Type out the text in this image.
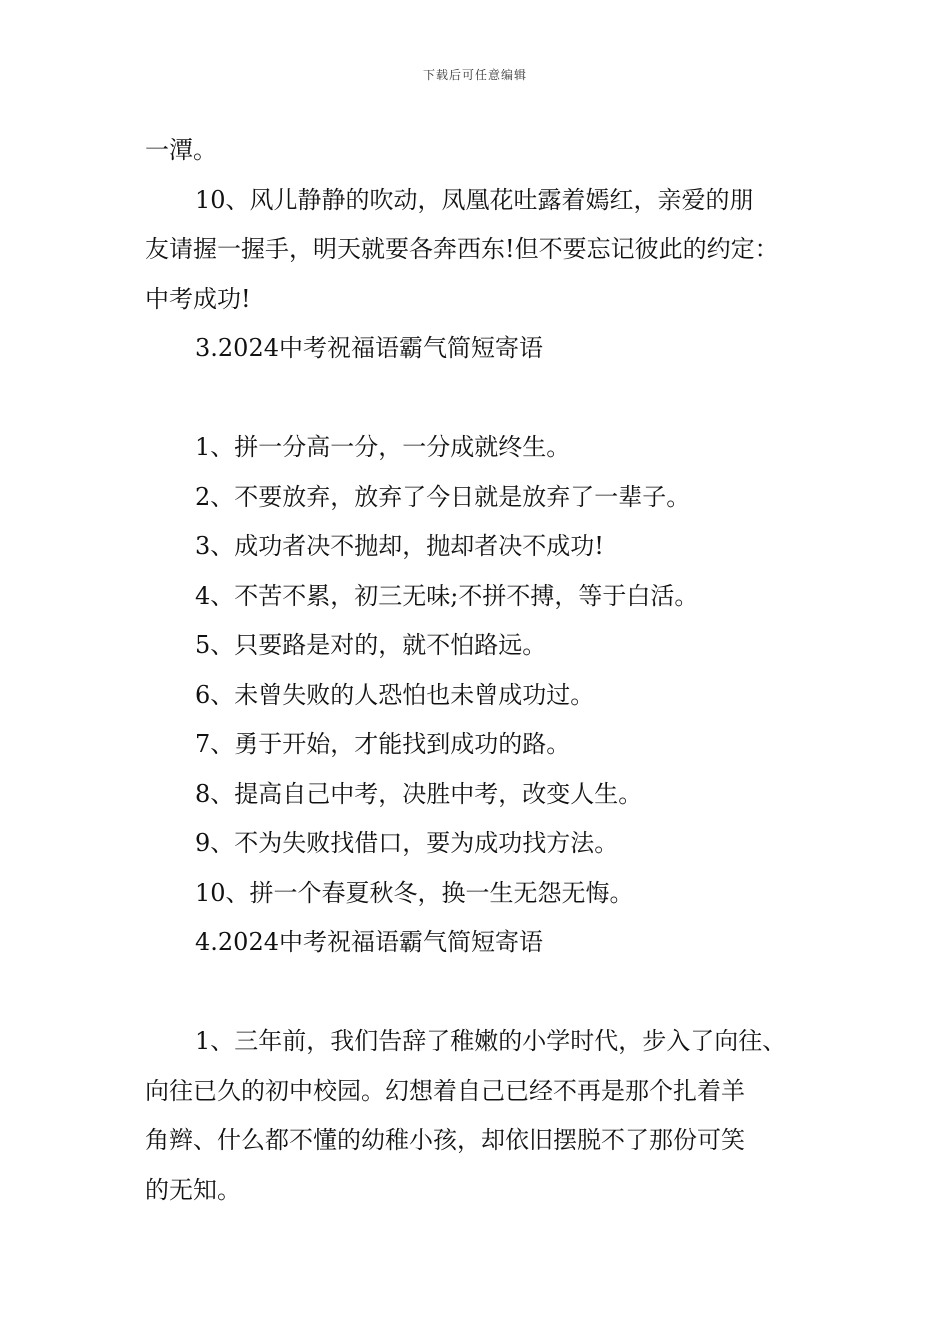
下载后可任意编辑

一潭。

10、风儿静静的吹动，凤凰花吐露着嫣红，亲爱的朋

友请握一握手，明天就要各奔西东!但不要忘记彼此的约定：

中考成功!

3.2024中考祝福语霸气简短寄语

1、拼一分高一分，一分成就终生。

2、不要放弃，放弃了今日就是放弃了一辈子。

3、成功者决不抛却，抛却者决不成功!

4、不苦不累，初三无味;不拼不搏，等于白活。

5、只要路是对的，就不怕路远。

6、未曾失败的人恐怕也未曾成功过。

7、勇于开始，才能找到成功的路。

8、提高自己中考，决胜中考，改变人生。

9、不为失败找借口，要为成功找方法。

10、拼一个春夏秋冬，换一生无怨无悔。

4.2024中考祝福语霸气简短寄语

1、三年前，我们告辞了稚嫩的小学时代，步入了向往、

向往已久的初中校园。幻想着自己已经不再是那个扎着羊

角辫、什么都不懂的幼稚小孩，却依旧摆脱不了那份可笑

的无知。
